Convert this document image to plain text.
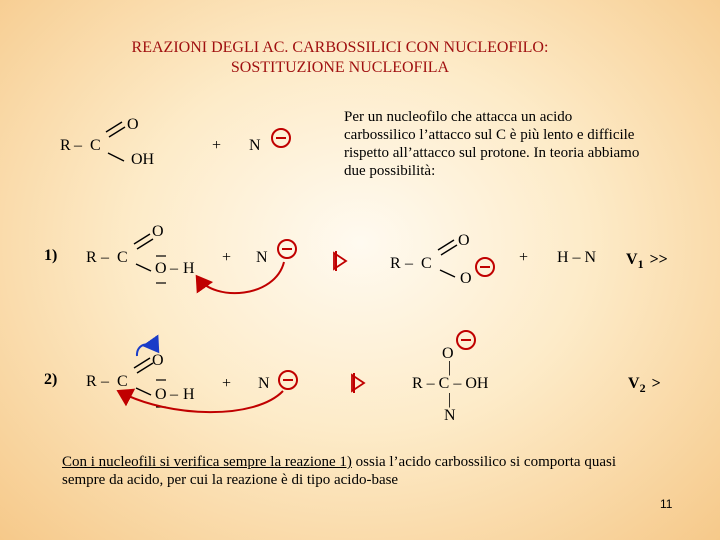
REAZIONI DEGLI AC. CARBOSSILICI CON NUCLEOFILO:
SOSTITUZIONE NUCLEOFILA
Per un nucleofilo che attacca un acido carbossilico l’attacco sul C è più lento e difficile rispetto all’attacco sul protone. In teoria abbiamo due possibilità:
R – C
O
OH
+ N
1) R – C
O
O – H
+ N	R – C
O
O
+ H – N $V_1$ >>
2) R – C
O
O – H
+ N
O
|
R – C – OH
|
N
$V_2$ >
Con i nucleofili si verifica sempre la reazione 1) ossia l’acido carbossilico si comporta quasi sempre da acido, per cui la reazione è di tipo acido-base
11
